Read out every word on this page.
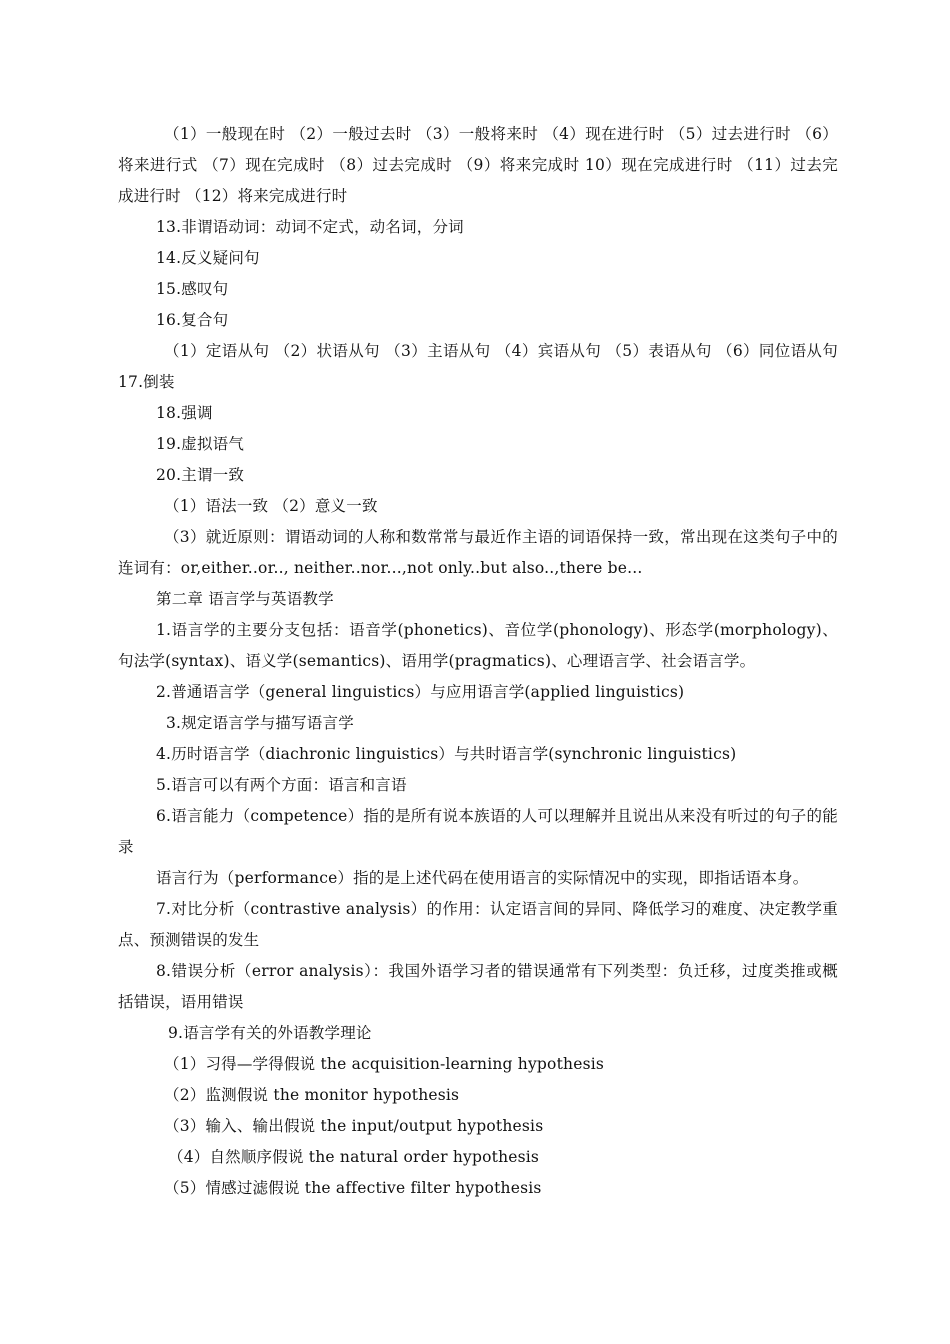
（1）一般现在时 （2）一般过去时 （3）一般将来时 （4）现在进行时 （5）过去进行时 （6）将来进行式 （7）现在完成时 （8）过去完成时 （9）将来完成时 10）现在完成进行时 （11）过去完成进行时 （12）将来完成进行时

13.非谓语动词：动词不定式，动名词，分词

14.反义疑问句

15.感叹句

16.复合句

（1）定语从句 （2）状语从句 （3）主语从句 （4）宾语从句 （5）表语从句 （6）同位语从句 17.倒装

18.强调

19.虚拟语气

20.主谓一致

（1）语法一致 （2）意义一致

（3）就近原则：谓语动词的人称和数常常与最近作主语的词语保持一致，常出现在这类句子中的连词有：or,either..or.., neither..nor...,not only..but also..,there be...

第二章 语言学与英语教学

1.语言学的主要分支包括：语音学(phonetics)、音位学(phonology)、形态学(morphology)、句法学(syntax)、语义学(semantics)、语用学(pragmatics)、心理语言学、社会语言学。

2.普通语言学（general linguistics）与应用语言学(applied linguistics)

3.规定语言学与描写语言学

4.历时语言学（diachronic linguistics）与共时语言学(synchronic linguistics)

5.语言可以有两个方面：语言和言语

6.语言能力（competence）指的是所有说本族语的人可以理解并且说出从来没有听过的句子的能录

语言行为（performance）指的是上述代码在使用语言的实际情况中的实现，即指话语本身。

7.对比分析（contrastive analysis）的作用：认定语言间的异同、降低学习的难度、决定教学重点、预测错误的发生

8.错误分析（error analysis）：我国外语学习者的错误通常有下列类型：负迁移，过度类推或概括错误，语用错误

9.语言学有关的外语教学理论

（1）习得—学得假说 the acquisition-learning hypothesis

（2）监测假说 the monitor hypothesis

（3）输入、输出假说 the input/output hypothesis

（4）自然顺序假说 the natural order hypothesis

（5）情感过滤假说 the affective filter hypothesis
